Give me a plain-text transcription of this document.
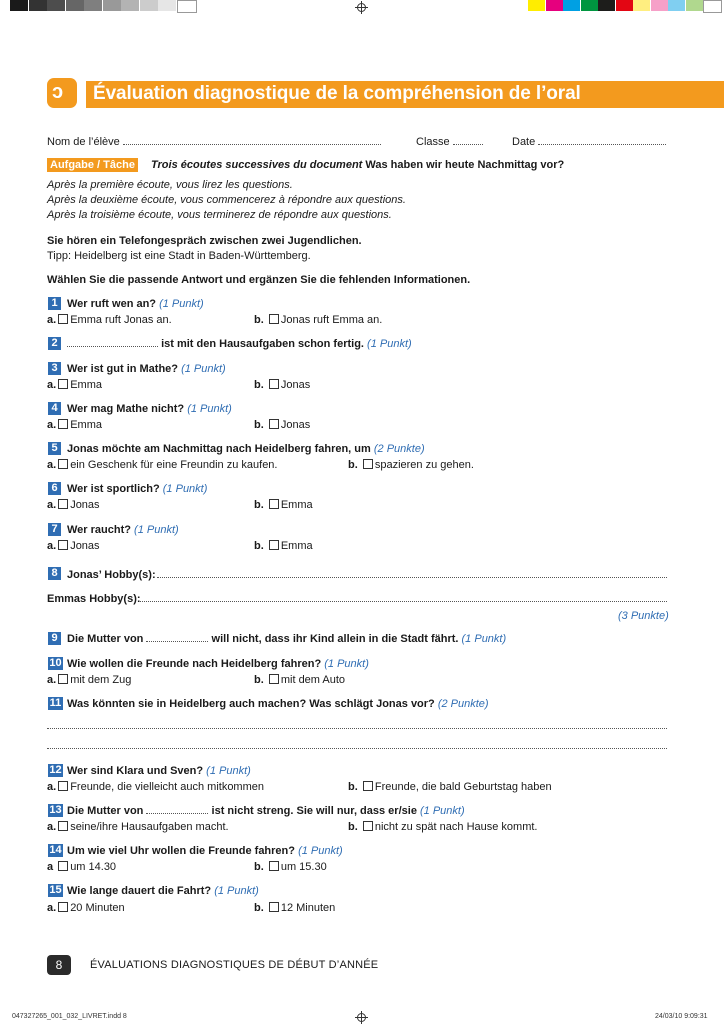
ↄ Évaluation diagnostique de la compréhension de l’oral
Nom de l’élève	Classe	Date
Aufgabe / Tâche Trois écoutes successives du document Was haben wir heute Nachmittag vor?
Après la première écoute, vous lirez les questions.
Après la deuxième écoute, vous commencerez à répondre aux questions.
Après la troisième écoute, vous terminerez de répondre aux questions.
Sie hören ein Telefongespräch zwischen zwei Jugendlichen.
Tipp: Heidelberg ist eine Stadt in Baden-Württemberg.
Wählen Sie die passende Antwort und ergänzen Sie die fehlenden Informationen.
1 Wer ruft wen an? (1 Punkt)
a. Emma ruft Jonas an.	b. Jonas ruft Emma an.
2	ist mit den Hausaufgaben schon fertig. (1 Punkt)
3 Wer ist gut in Mathe? (1 Punkt)
a. Emma	b. Jonas
4 Wer mag Mathe nicht? (1 Punkt)
a. Emma	b. Jonas
5 Jonas möchte am Nachmittag nach Heidelberg fahren, um (2 Punkte)
a. ein Geschenk für eine Freundin zu kaufen.	b. spazieren zu gehen.
6 Wer ist sportlich? (1 Punkt)
a. Jonas	b. Emma
7 Wer raucht? (1 Punkt)
a. Jonas	b. Emma
8 Jonas’ Hobby(s):
Emmas Hobby(s):
(3 Punkte)
9 Die Mutter von	will nicht, dass ihr Kind allein in die Stadt fährt. (1 Punkt)
10 Wie wollen die Freunde nach Heidelberg fahren? (1 Punkt)
a. mit dem Zug	b. mit dem Auto
11 Was könnten sie in Heidelberg auch machen? Was schlägt Jonas vor? (2 Punkte)
12 Wer sind Klara und Sven? (1 Punkt)
a. Freunde, die vielleicht auch mitkommen	b. Freunde, die bald Geburtstag haben
13 Die Mutter von	ist nicht streng. Sie will nur, dass er/sie (1 Punkt)
a. seine/ihre Hausaufgaben macht.	b. nicht zu spät nach Hause kommt.
14 Um wie viel Uhr wollen die Freunde fahren? (1 Punkt)
a um 14.30	b. um 15.30
15 Wie lange dauert die Fahrt? (1 Punkt)
a. 20 Minuten	b. 12 Minuten
8	ÉVALUATIONS DIAGNOSTIQUES DE DÉBUT D’ANNÉE
047327265_001_032_LIVRET.indd 8	24/03/10 9:09:31
